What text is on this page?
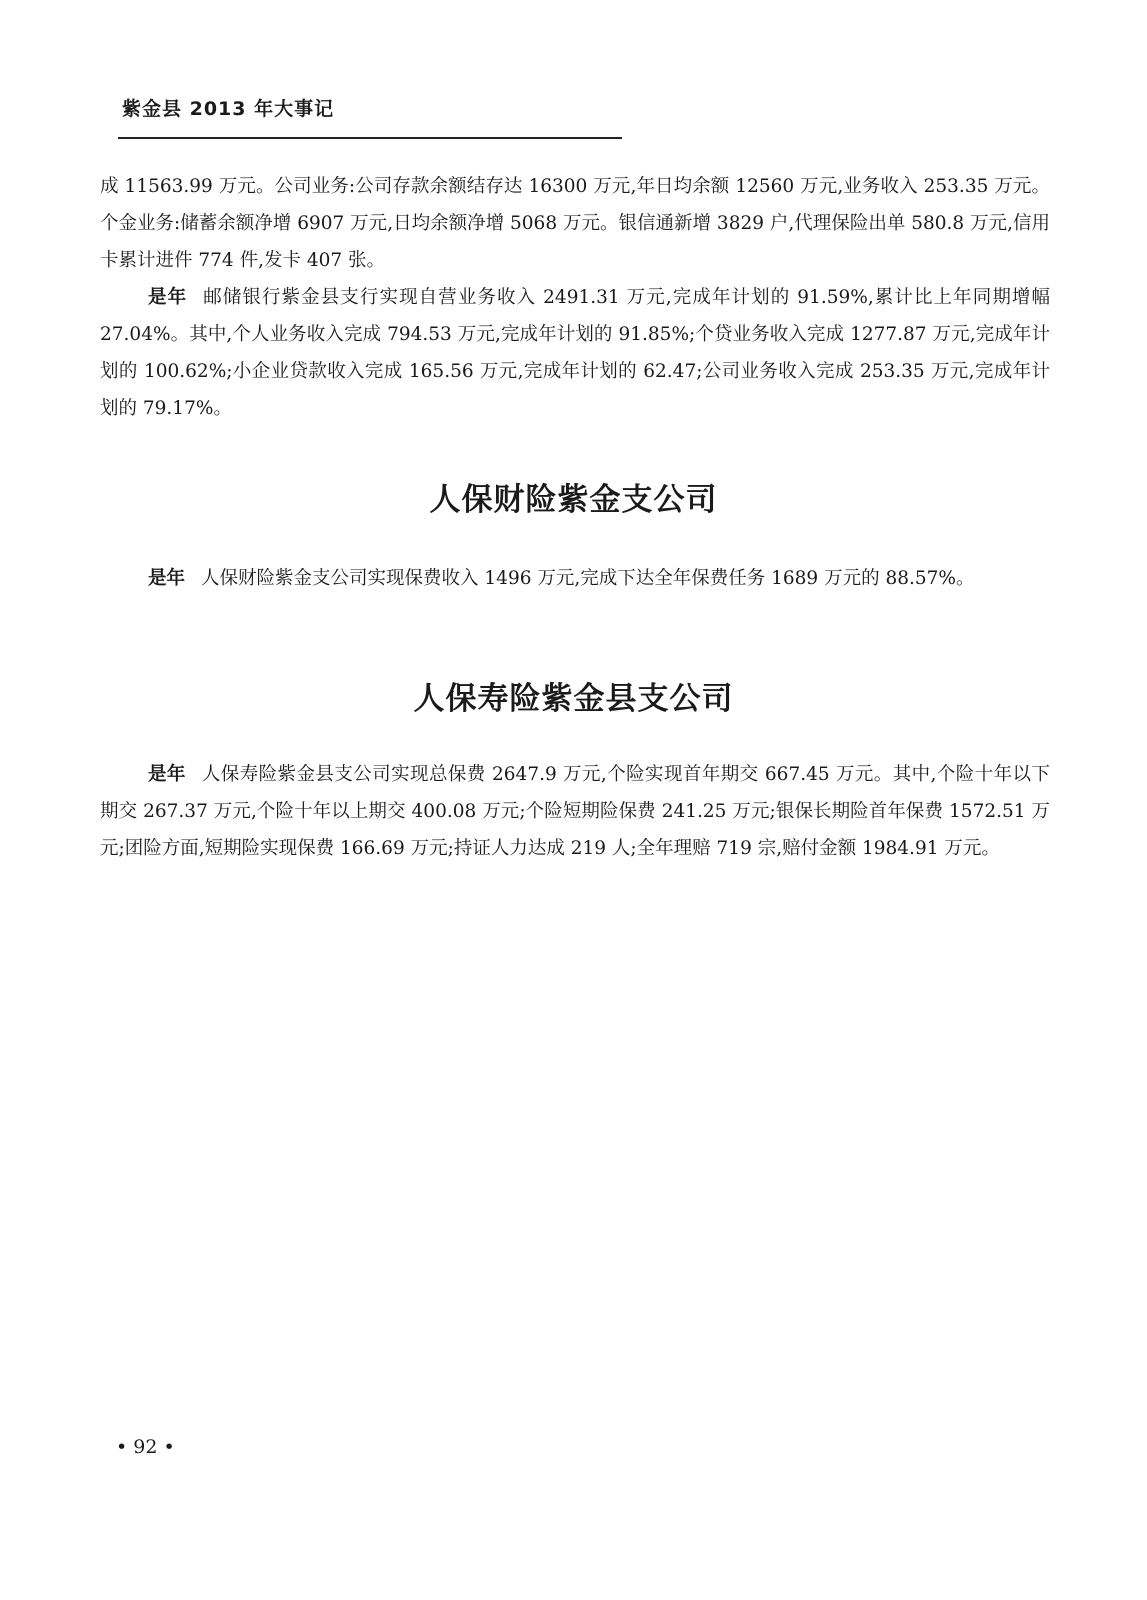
紫金县 2013 年大事记

成 11563.99 万元。公司业务:公司存款余额结存达 16300 万元,年日均余额 12560 万元,业务收入 253.35 万元。个金业务:储蓄余额净增 6907 万元,日均余额净增 5068 万元。银信通新增 3829 户,代理保险出单 580.8 万元,信用卡累计进件 774 件,发卡 407 张。

是年 邮储银行紫金县支行实现自营业务收入 2491.31 万元,完成年计划的 91.59%,累计比上年同期增幅 27.04%。其中,个人业务收入完成 794.53 万元,完成年计划的 91.85%;个贷业务收入完成 1277.87 万元,完成年计划的 100.62%;小企业贷款收入完成 165.56 万元,完成年计划的 62.47;公司业务收入完成 253.35 万元,完成年计划的 79.17%。

人保财险紫金支公司

是年 人保财险紫金支公司实现保费收入 1496 万元,完成下达全年保费任务 1689 万元的 88.57%。

人保寿险紫金县支公司

是年 人保寿险紫金县支公司实现总保费 2647.9 万元,个险实现首年期交 667.45 万元。其中,个险十年以下期交 267.37 万元,个险十年以上期交 400.08 万元;个险短期险保费 241.25 万元;银保长期险首年保费 1572.51 万元;团险方面,短期险实现保费 166.69 万元;持证人力达成 219 人;全年理赔 719 宗,赔付金额 1984.91 万元。

• 92 •
